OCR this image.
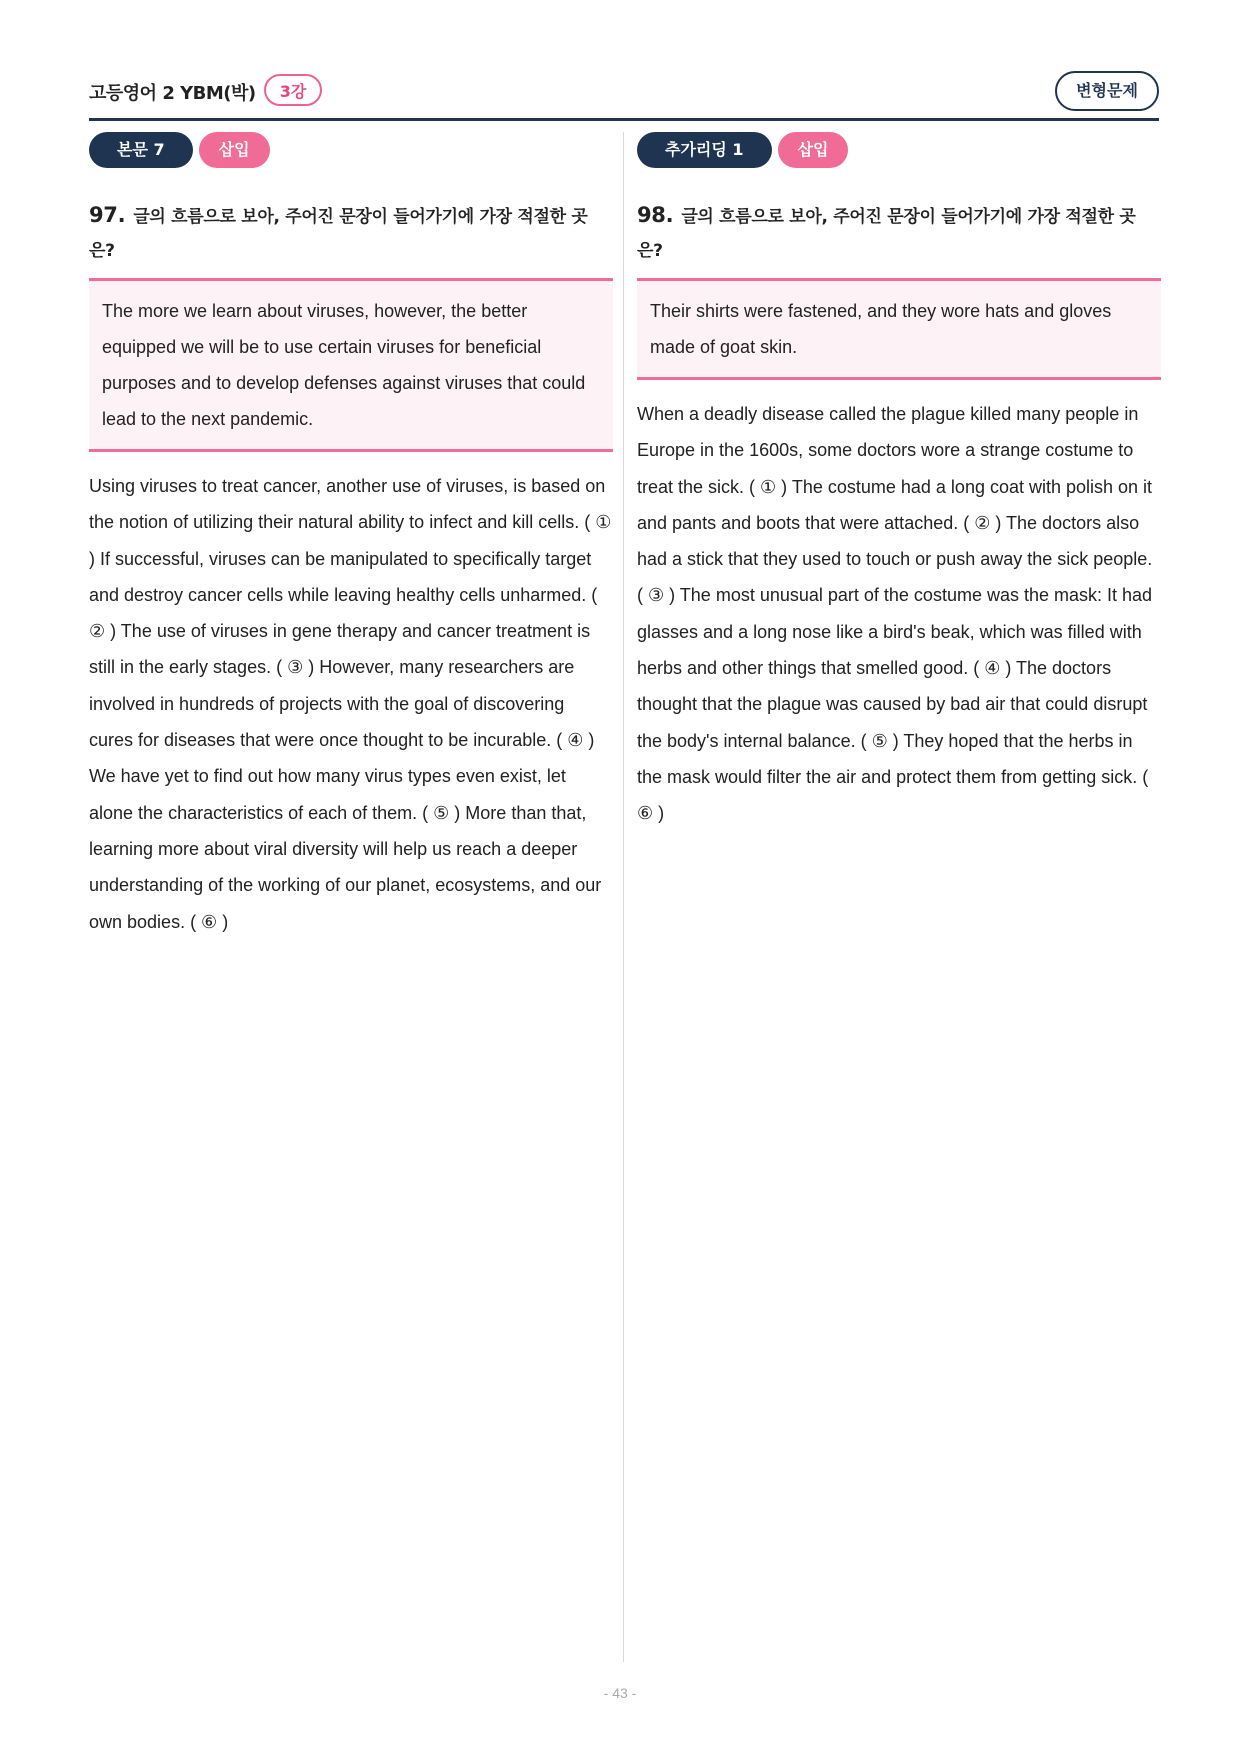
고등영어 2 YBM(박)	3강	변형문제
본문 7	삽입
97. 글의 흐름으로 보아, 주어진 문장이 들어가기에 가장 적절한 곳은?
The more we learn about viruses, however, the better equipped we will be to use certain viruses for beneficial purposes and to develop defenses against viruses that could lead to the next pandemic.
Using viruses to treat cancer, another use of viruses, is based on the notion of utilizing their natural ability to infect and kill cells. ( ① ) If successful, viruses can be manipulated to specifically target and destroy cancer cells while leaving healthy cells unharmed. ( ② ) The use of viruses in gene therapy and cancer treatment is still in the early stages. ( ③ ) However, many researchers are involved in hundreds of projects with the goal of discovering cures for diseases that were once thought to be incurable. ( ④ ) We have yet to find out how many virus types even exist, let alone the characteristics of each of them. ( ⑤ ) More than that, learning more about viral diversity will help us reach a deeper understanding of the working of our planet, ecosystems, and our own bodies. ( ⑥ )
추가리딩 1	삽입
98. 글의 흐름으로 보아, 주어진 문장이 들어가기에 가장 적절한 곳은?
Their shirts were fastened, and they wore hats and gloves made of goat skin.
When a deadly disease called the plague killed many people in Europe in the 1600s, some doctors wore a strange costume to treat the sick. ( ① ) The costume had a long coat with polish on it and pants and boots that were attached. ( ② ) The doctors also had a stick that they used to touch or push away the sick people. ( ③ ) The most unusual part of the costume was the mask: It had glasses and a long nose like a bird's beak, which was filled with herbs and other things that smelled good. ( ④ ) The doctors thought that the plague was caused by bad air that could disrupt the body's internal balance. ( ⑤ ) They hoped that the herbs in the mask would filter the air and protect them from getting sick. ( ⑥ )
- 43 -
